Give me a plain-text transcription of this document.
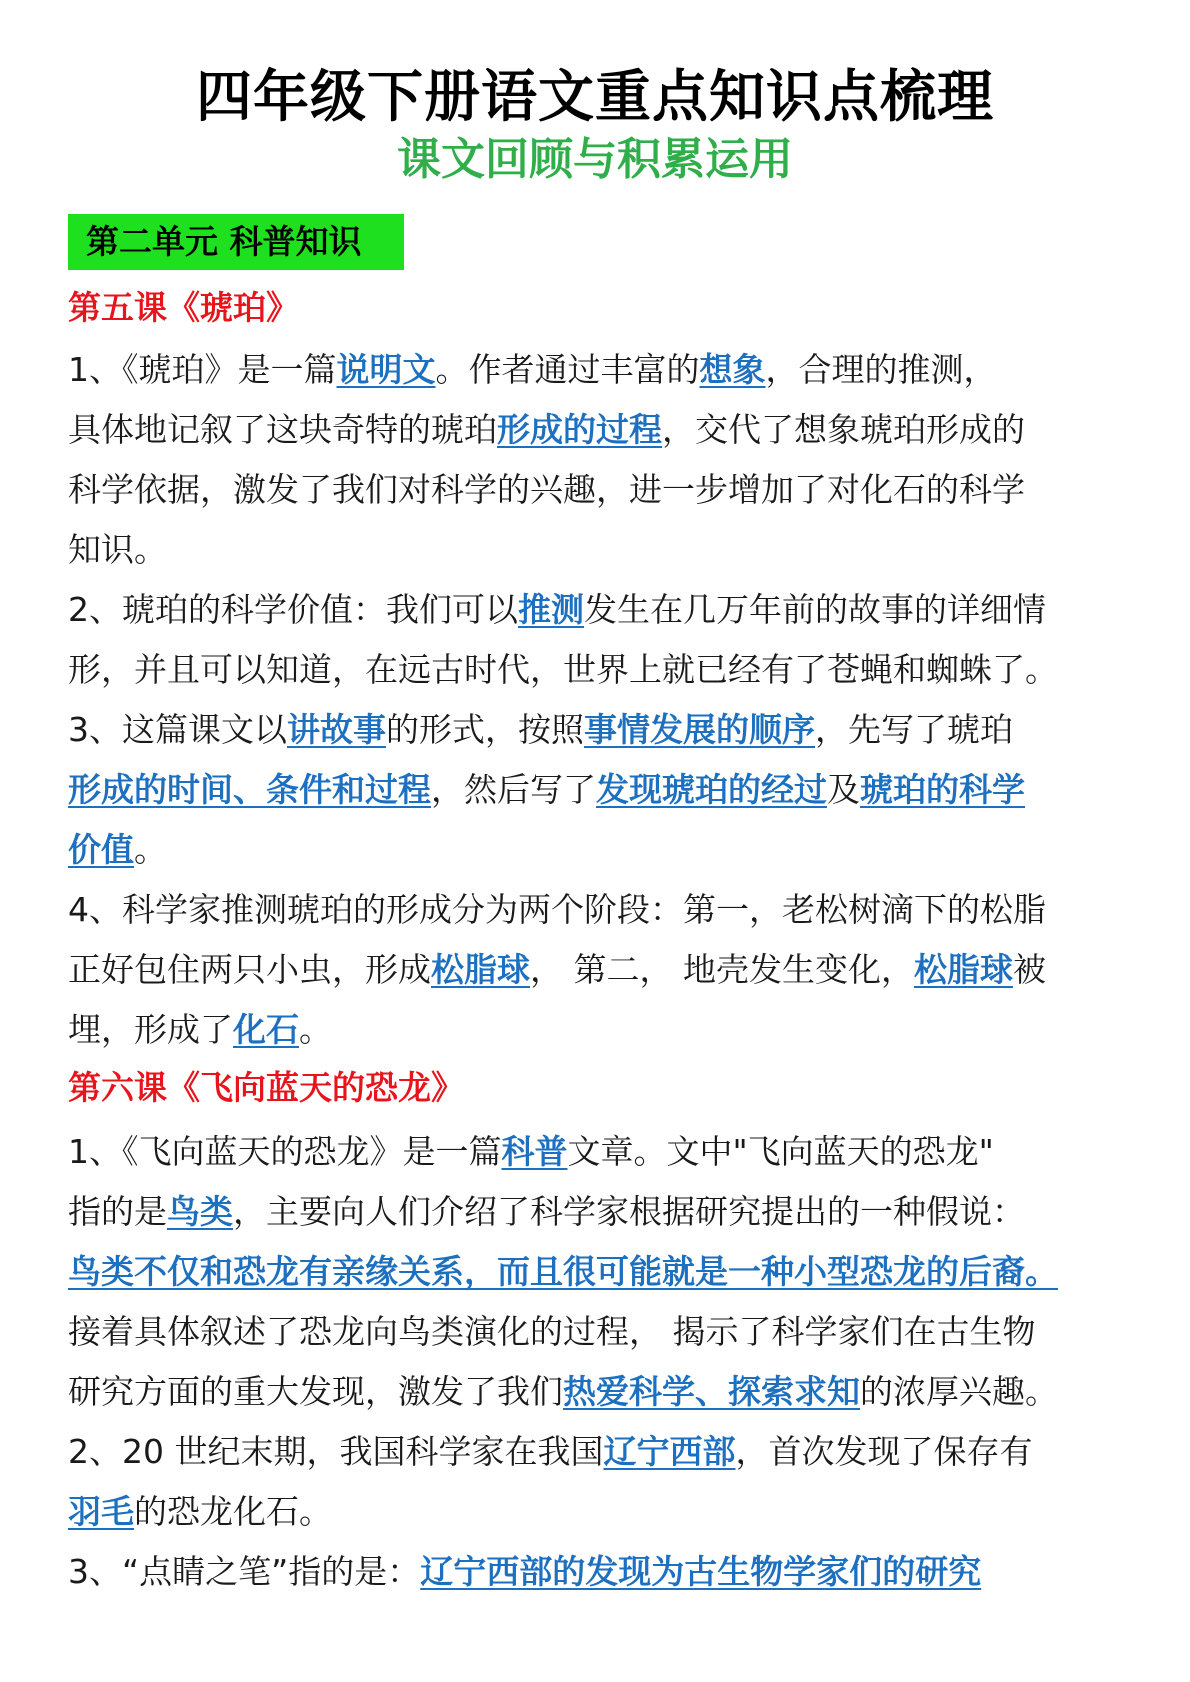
四年级下册语文重点知识点梳理
课文回顾与积累运用
第二单元 科普知识
第五课《琥珀》

1、《琥珀》是一篇说明文。作者通过丰富的想象，合理的推测，

具体地记叙了这块奇特的琥珀形成的过程，交代了想象琥珀形成的

科学依据，激发了我们对科学的兴趣，进一步增加了对化石的科学

知识。

2、琥珀的科学价值：我们可以推测发生在几万年前的故事的详细情

形，并且可以知道，在远古时代，世界上就已经有了苍蝇和蜘蛛了。

3、这篇课文以讲故事的形式，按照事情发展的顺序，先写了琥珀

形成的时间、条件和过程，然后写了发现琥珀的经过及琥珀的科学

价值。

4、科学家推测琥珀的形成分为两个阶段：第一，老松树滴下的松脂

正好包住两只小虫，形成松脂球， 第二， 地壳发生变化，松脂球被

埋，形成了化石。

第六课《飞向蓝天的恐龙》

1、《飞向蓝天的恐龙》是一篇科普文章。文中"飞向蓝天的恐龙"

指的是鸟类，主要向人们介绍了科学家根据研究提出的一种假说：

鸟类不仅和恐龙有亲缘关系，而且很可能就是一种小型恐龙的后裔。

接着具体叙述了恐龙向鸟类演化的过程， 揭示了科学家们在古生物

研究方面的重大发现，激发了我们热爱科学、探索求知的浓厚兴趣。

2、20 世纪末期，我国科学家在我国辽宁西部，首次发现了保存有

羽毛的恐龙化石。

3、“点睛之笔”指的是：辽宁西部的发现为古生物学家们的研究
